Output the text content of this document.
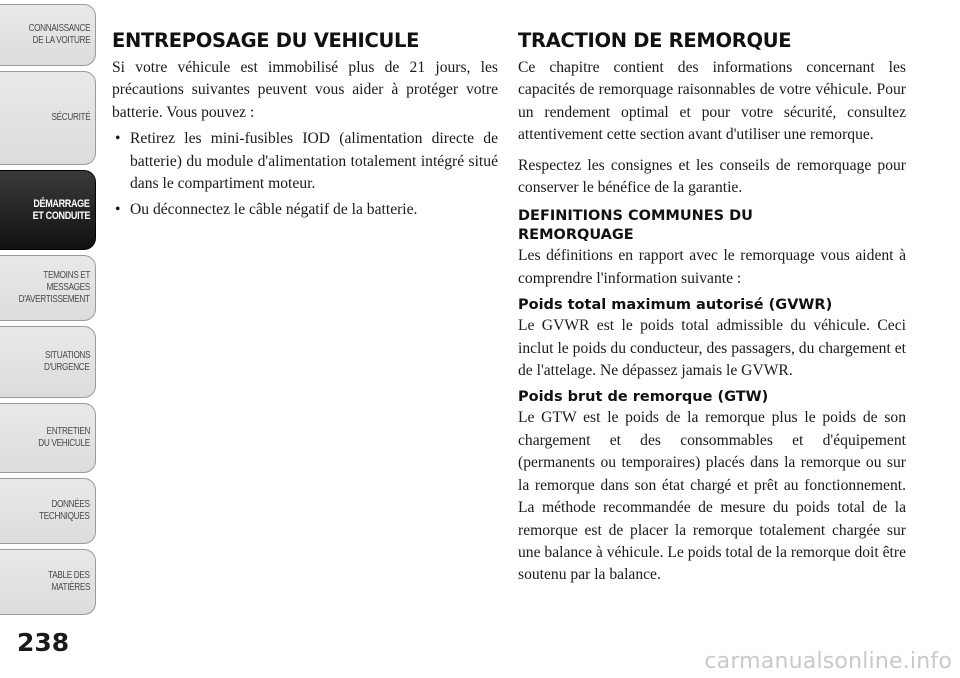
CONNAISSANCE
DE LA VOITURE
SÉCURITÉ
DÉMARRAGE
ET CONDUITE
TEMOINS ET
MESSAGES
D'AVERTISSEMENT
SITUATIONS
D'URGENCE
ENTRETIEN
DU VEHICULE
DONNÉES
TECHNIQUES
TABLE DES
MATIÈRES
238
ENTREPOSAGE DU VEHICULE

Si votre véhicule est immobilisé plus de 21 jours, les précautions suivantes peuvent vous aider à protéger votre batterie. Vous pouvez :

• Retirez les mini-fusibles IOD (alimentation directe de batterie) du module d'alimentation totalement intégré situé dans le compartiment moteur.
• Ou déconnectez le câble négatif de la batterie.
TRACTION DE REMORQUE

Ce chapitre contient des informations concernant les capacités de remorquage raisonnables de votre véhicule. Pour un rendement optimal et pour votre sécurité, consultez attentivement cette section avant d'utiliser une remorque.

Respectez les consignes et les conseils de remorquage pour conserver le bénéfice de la garantie.

DEFINITIONS COMMUNES DU
REMORQUAGE

Les définitions en rapport avec le remorquage vous aident à comprendre l'information suivante :

Poids total maximum autorisé (GVWR)

Le GVWR est le poids total admissible du véhicule. Ceci inclut le poids du conducteur, des passagers, du chargement et de l'attelage. Ne dépassez jamais le GVWR.

Poids brut de remorque (GTW)

Le GTW est le poids de la remorque plus le poids de son chargement et des consommables et d'équipement (permanents ou temporaires) placés dans la remorque ou sur la remorque dans son état chargé et prêt au fonctionnement. La méthode recommandée de mesure du poids total de la remorque est de placer la remorque totalement chargée sur une balance à véhicule. Le poids total de la remorque doit être soutenu par la balance.

carmanualsonline.info
